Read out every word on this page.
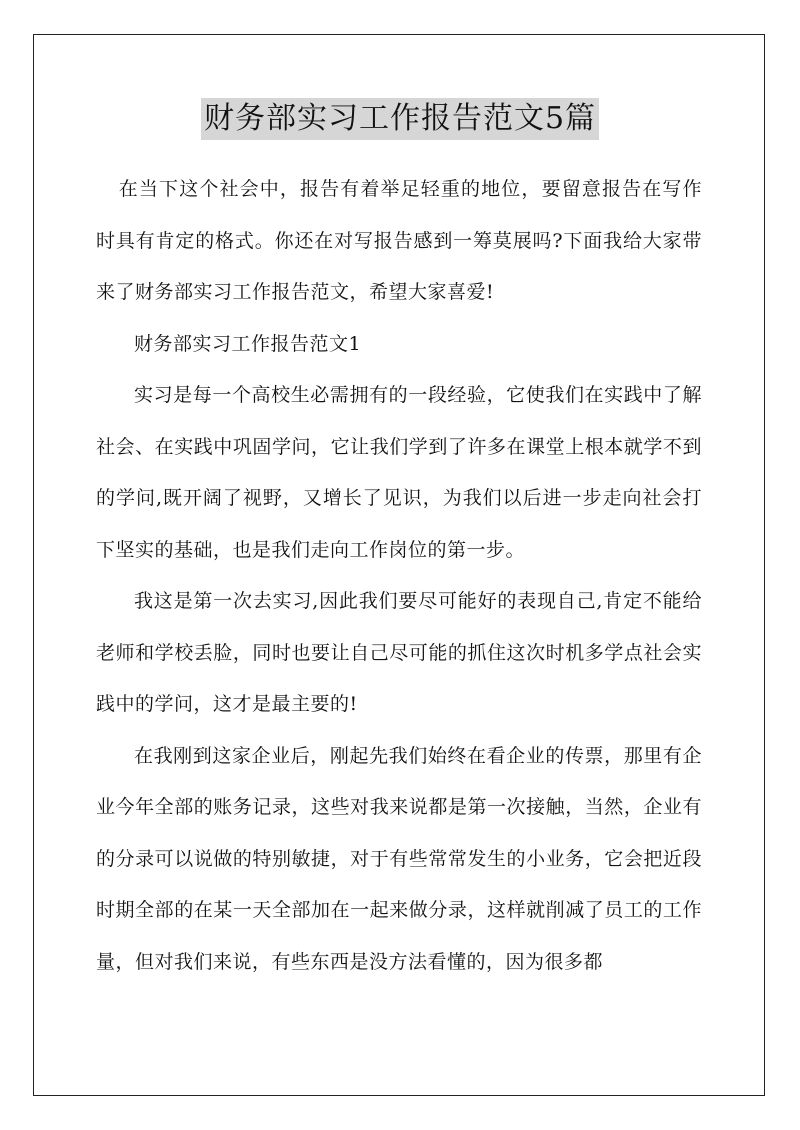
财务部实习工作报告范文5篇

在当下这个社会中，报告有着举足轻重的地位，要留意报告在写作时具有肯定的格式。你还在对写报告感到一筹莫展吗?下面我给大家带来了财务部实习工作报告范文，希望大家喜爱!

财务部实习工作报告范文1

实习是每一个高校生必需拥有的一段经验，它使我们在实践中了解社会、在实践中巩固学问，它让我们学到了许多在课堂上根本就学不到的学问,既开阔了视野，又增长了见识，为我们以后进一步走向社会打下坚实的基础，也是我们走向工作岗位的第一步。

我这是第一次去实习,因此我们要尽可能好的表现自己,肯定不能给老师和学校丢脸，同时也要让自己尽可能的抓住这次时机多学点社会实践中的学问，这才是最主要的!

在我刚到这家企业后，刚起先我们始终在看企业的传票，那里有企业今年全部的账务记录，这些对我来说都是第一次接触，当然，企业有的分录可以说做的特别敏捷，对于有些常常发生的小业务，它会把近段时期全部的在某一天全部加在一起来做分录，这样就削减了员工的工作量，但对我们来说，有些东西是没方法看懂的，因为很多都
